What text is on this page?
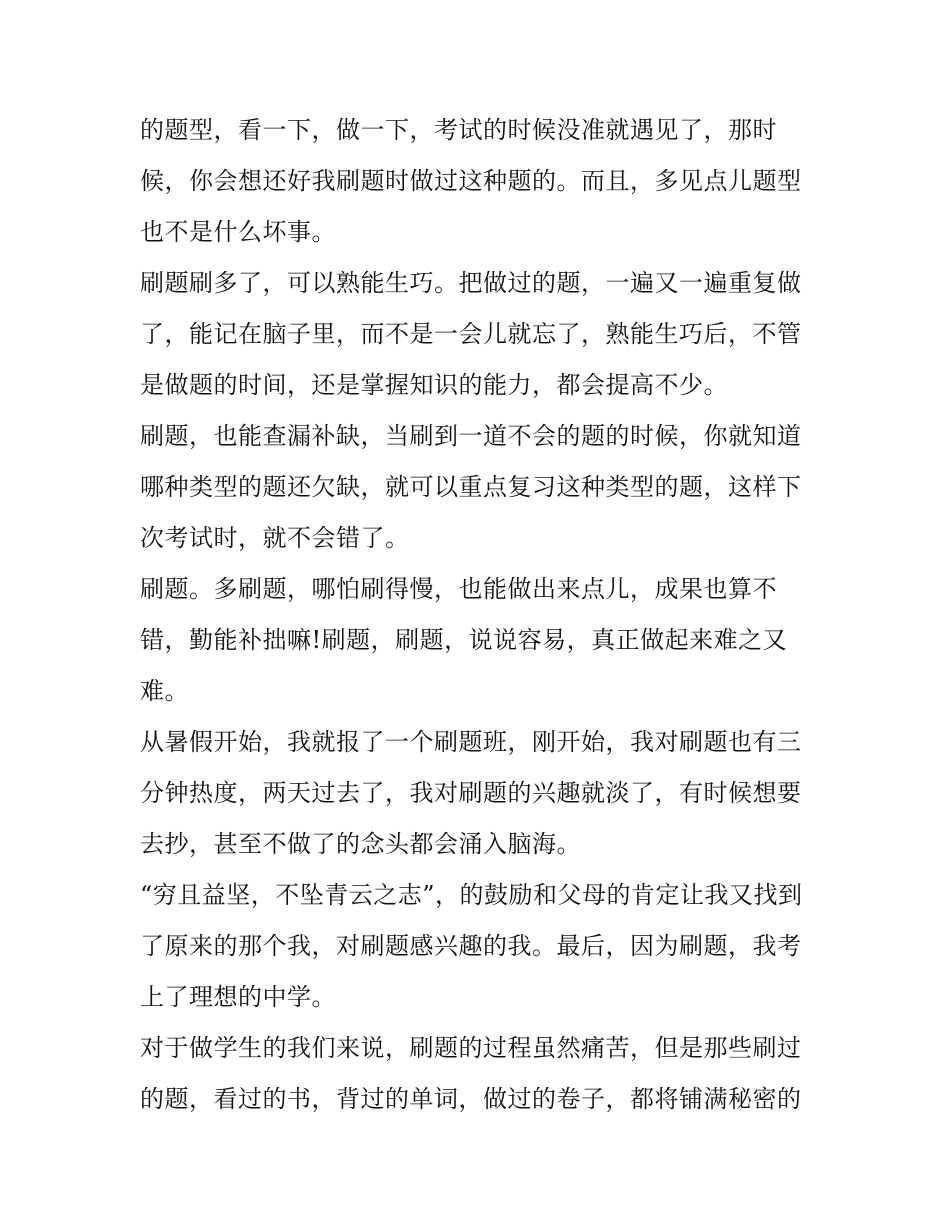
的题型，看一下，做一下，考试的时候没准就遇见了，那时
候，你会想还好我刷题时做过这种题的。而且，多见点儿题型
也不是什么坏事。
刷题刷多了，可以熟能生巧。把做过的题，一遍又一遍重复做
了，能记在脑子里，而不是一会儿就忘了，熟能生巧后，不管
是做题的时间，还是掌握知识的能力，都会提高不少。
刷题，也能查漏补缺，当刷到一道不会的题的时候，你就知道
哪种类型的题还欠缺，就可以重点复习这种类型的题，这样下
次考试时，就不会错了。
刷题。多刷题，哪怕刷得慢，也能做出来点儿，成果也算不
错，勤能补拙嘛!刷题，刷题，说说容易，真正做起来难之又
难。
从暑假开始，我就报了一个刷题班，刚开始，我对刷题也有三
分钟热度，两天过去了，我对刷题的兴趣就淡了，有时候想要
去抄，甚至不做了的念头都会涌入脑海。
“穷且益坚，不坠青云之志”，的鼓励和父母的肯定让我又找到
了原来的那个我，对刷题感兴趣的我。最后，因为刷题，我考
上了理想的中学。
对于做学生的我们来说，刷题的过程虽然痛苦，但是那些刷过
的题，看过的书，背过的单词，做过的卷子，都将铺满秘密的
